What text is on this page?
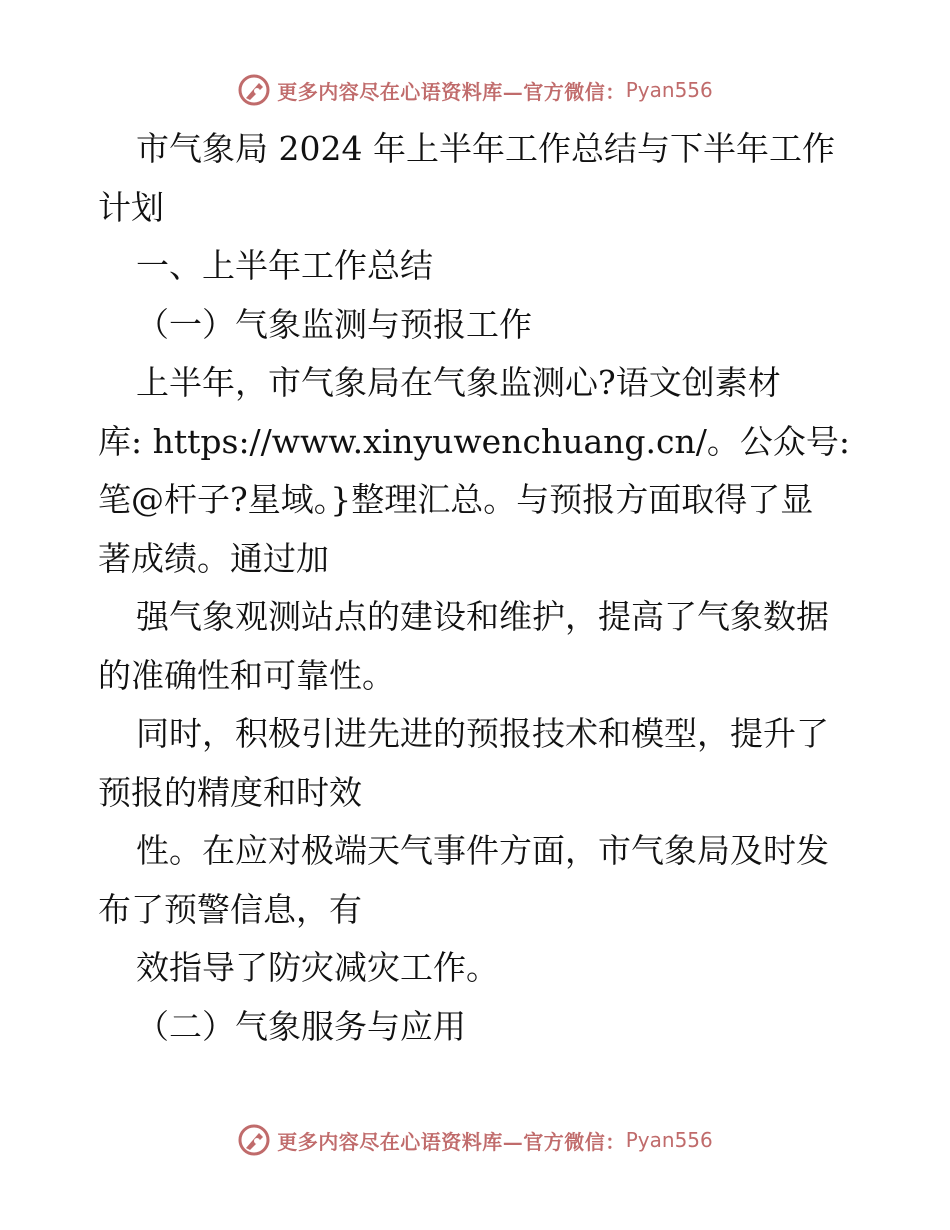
更多内容尽在心语资料库—官方微信： Pyan556
市气象局 2024 年上半年工作总结与下半年工作
计划
一、上半年工作总结
（一）气象监测与预报工作
上半年，市气象局在气象监测心?语文创素材
库: https://www.xinyuwenchuang.cn/。公众号:
笔@杆子?星域。}整理汇总。与预报方面取得了显
著成绩。通过加
强气象观测站点的建设和维护，提高了气象数据
的准确性和可靠性。
同时，积极引进先进的预报技术和模型，提升了
预报的精度和时效
性。在应对极端天气事件方面，市气象局及时发
布了预警信息，有
效指导了防灾减灾工作。
（二）气象服务与应用
更多内容尽在心语资料库—官方微信： Pyan556
